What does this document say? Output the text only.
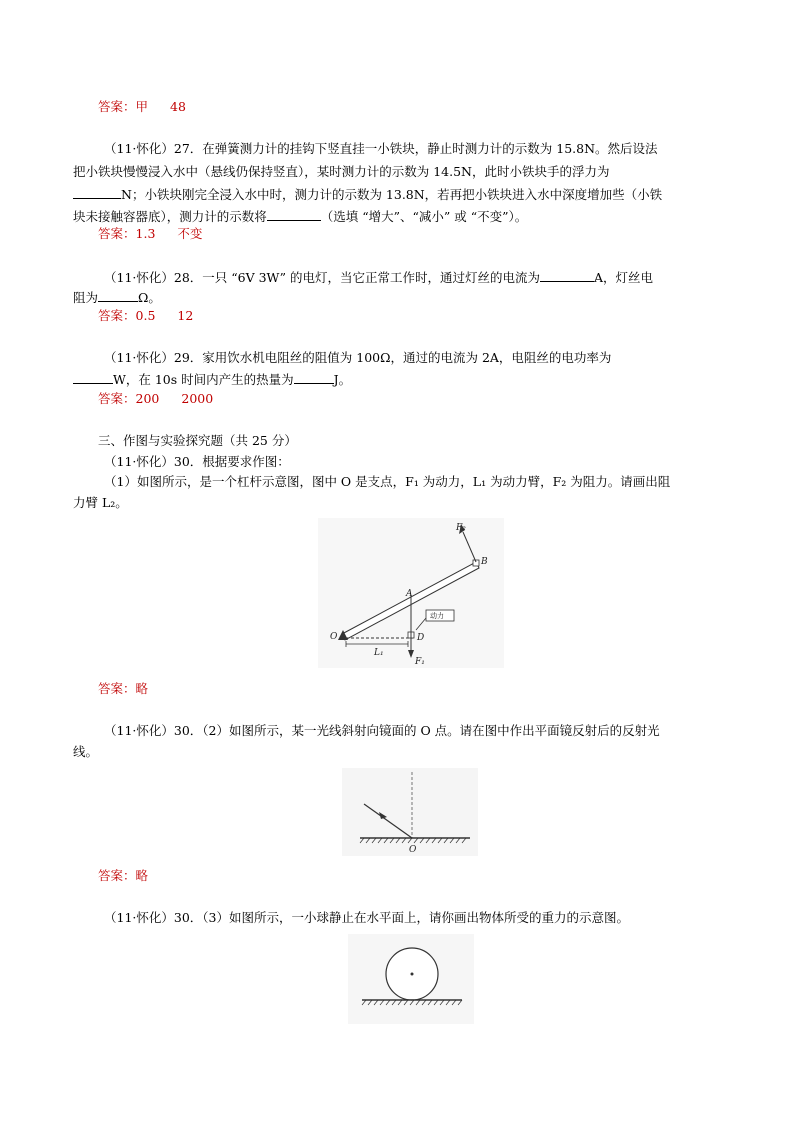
答案：甲 48
（11·怀化）27．在弹簧测力计的挂钩下竖直挂一小铁块，静止时测力计的示数为 15.8N。然后设法
把小铁块慢慢浸入水中（悬线仍保持竖直），某时测力计的示数为 14.5N，此时小铁块手的浮力为
N；小铁块刚完全浸入水中时，测力计的示数为 13.8N，若再把小铁块进入水中深度增加些（小铁
块未接触容器底），测力计的示数将	（选填 “增大”、“减小” 或 “不变”）。
答案：1.3 不变
（11·怀化）28．一只 “6V 3W” 的电灯，当它正常工作时，通过灯丝的电流为	A，灯丝电
阻为	Ω。
答案：0.5 12
（11·怀化）29．家用饮水机电阻丝的阻值为 100Ω，通过的电流为 2A，电阻丝的电功率为
W，在 10s 时间内产生的热量为	J。
答案：200 2000
三、作图与实验探究题（共 25 分）
（11·怀化）30．根据要求作图：
（1）如图所示，是一个杠杆示意图，图中 O 是支点，F₁ 为动力，L₁ 为动力臂，F₂ 为阻力。请画出阻
力臂 L₂。
O
A
B
D
F₁
F₂
L₁
动力
答案：略
（11·怀化）30．（2）如图所示，某一光线斜射向镜面的 O 点。请在图中作出平面镜反射后的反射光
线。
O
答案：略
（11·怀化）30．（3）如图所示，一小球静止在水平面上，请你画出物体所受的重力的示意图。
